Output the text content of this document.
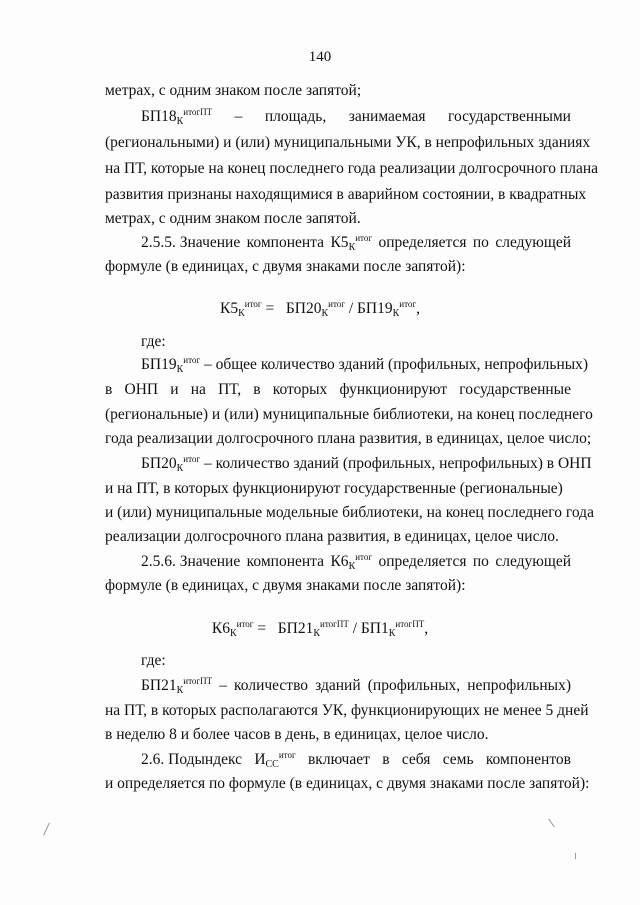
140
метрах, с одним знаком после запятой;
$БП18_К^{итогПТ}$ – площадь, занимаемая государственными
(региональными) и (или) муниципальными УК, в непрофильных зданиях
на ПТ, которые на конец последнего года реализации долгосрочного плана
развития признаны находящимися в аварийном состоянии, в квадратных
метрах, с одним знаком после запятой.
2.5.5. Значение компонента $К5_К^{итог}$ определяется по следующей
формуле (в единицах, с двумя знаками после запятой):
$К5_К^{итог} = БП20_К^{итог} / БП19_К^{итог}$,
где:
$БП19_К^{итог}$ – общее количество зданий (профильных, непрофильных)
в ОНП и на ПТ, в которых функционируют государственные
(региональные) и (или) муниципальные библиотеки, на конец последнего
года реализации долгосрочного плана развития, в единицах, целое число;
$БП20_К^{итог}$ – количество зданий (профильных, непрофильных) в ОНП
и на ПТ, в которых функционируют государственные (региональные)
и (или) муниципальные модельные библиотеки, на конец последнего года
реализации долгосрочного плана развития, в единицах, целое число.
2.5.6. Значение компонента $К6_К^{итог}$ определяется по следующей
формуле (в единицах, с двумя знаками после запятой):
$К6_К^{итог} = БП21_К^{итогПТ} / БП1_К^{итогПТ}$,
где:
$БП21_К^{итогПТ}$ – количество зданий (профильных, непрофильных)
на ПТ, в которых располагаются УК, функционирующих не менее 5 дней
в неделю 8 и более часов в день, в единицах, целое число.
2.6. Подындекс $И_{СС}^{итог}$ включает в себя семь компонентов
и определяется по формуле (в единицах, с двумя знаками после запятой):
